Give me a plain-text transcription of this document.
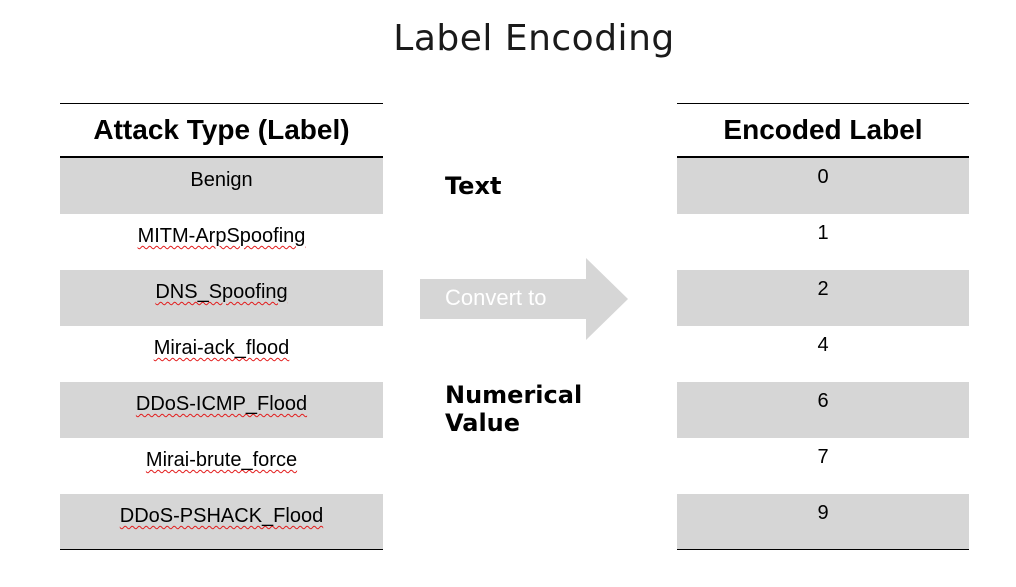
Label Encoding
Attack Type (Label)
Benign
MITM-ArpSpoofing
DNS_Spoofing
Mirai-ack_flood
DDoS-ICMP_Flood
Mirai-brute_force
DDoS-PSHACK_Flood
Text
Convert to
Numerical
Value
Encoded Label
0
1
2
4
6
7
9
